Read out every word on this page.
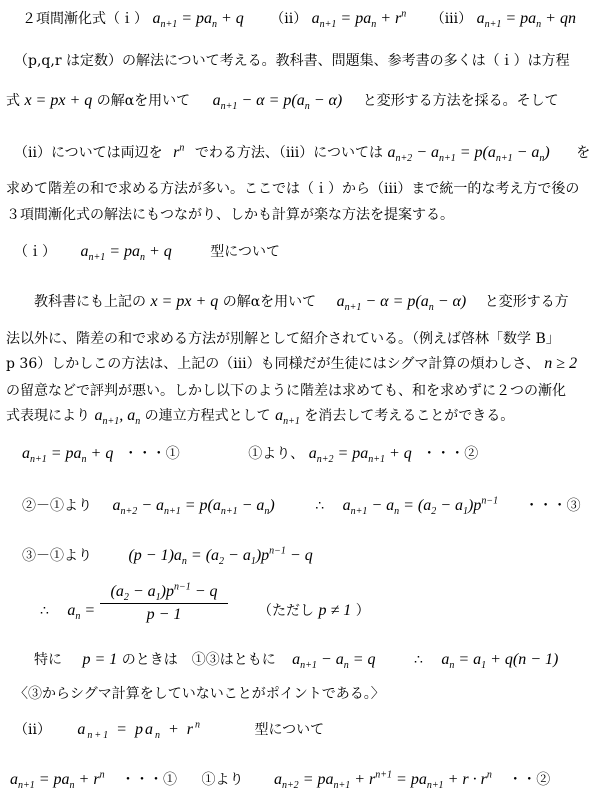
２項間漸化式（ｉ） $a_{n+1} = pa_n + q$ （ii） $a_{n+1} = pa_n + r^n$ （iii） $a_{n+1} = pa_n$ + qn
（p,q,r は定数）の解法について考える。教科書、問題集、参考書の多くは（ｉ）は方程
式 x = px + q の解αを用いて $a_{n+1} - \alpha = p(a_n - \alpha)$ と変形する方法を採る。そして
（ii）については両辺を $r^n$ でわる方法、（iii）については $a_{n+2} - a_{n+1} = p(a_{n+1} - a_n)$ を
求めて階差の和で求める方法が多い。ここでは（ｉ）から（iii）まで統一的な考え方で後の
３項間漸化式の解法にもつながり、しかも計算が楽な方法を提案する。
（ｉ） $a_{n+1} = pa_n + q$	型について
教科書にも上記の x = px + q の解αを用いて $a_{n+1} - \alpha = p(a_n - \alpha)$ と変形する方
法以外に、階差の和で求める方法が別解として紹介されている。（例えば啓林「数学 B」
p 36）しかしこの方法は、上記の（iii）も同様だが生徒にはシグマ計算の煩わしさ、 n ≥ 2
の留意などで評判が悪い。しかし以下のように階差は求めても、和を求めずに２つの漸化
式表現により $a_{n+1}$, $a_n$ の連立方程式として $a_{n+1}$ を消去して考えることができる。
$a_{n+1} = pa_n + q$ ・・・①	①より、 $a_{n+2} = pa_{n+1} + q$ ・・・②
②－①より $a_{n+2} - a_{n+1} = p(a_{n+1} - a_n)$	∴ $a_{n+1} - a_n = (a_2 - a_1)p^{n-1}$ ・・・③
③－①より $(p - 1)a_n = (a_2 - a_1)p^{n-1} - q$
∴ $a_n$ =
$(a_2 - a_1)p^{n-1} - q$
p − 1	（ただし p ≠ 1 ）
特に p = 1 のときは　①③はともに $a_{n+1} - a_n = q$	∴ $a_n = a_1 + q(n - 1)$
〈③からシグマ計算をしていないことがポイントである。〉
（ii） $a_{n+1} = pa_n + r^n$	型について
$a_{n+1} = pa_n + r^n$ ・・・① ①より $a_{n+2} = pa_{n+1} + r^{n+1} = pa_{n+1} + r \cdot r^n$ ・・②
